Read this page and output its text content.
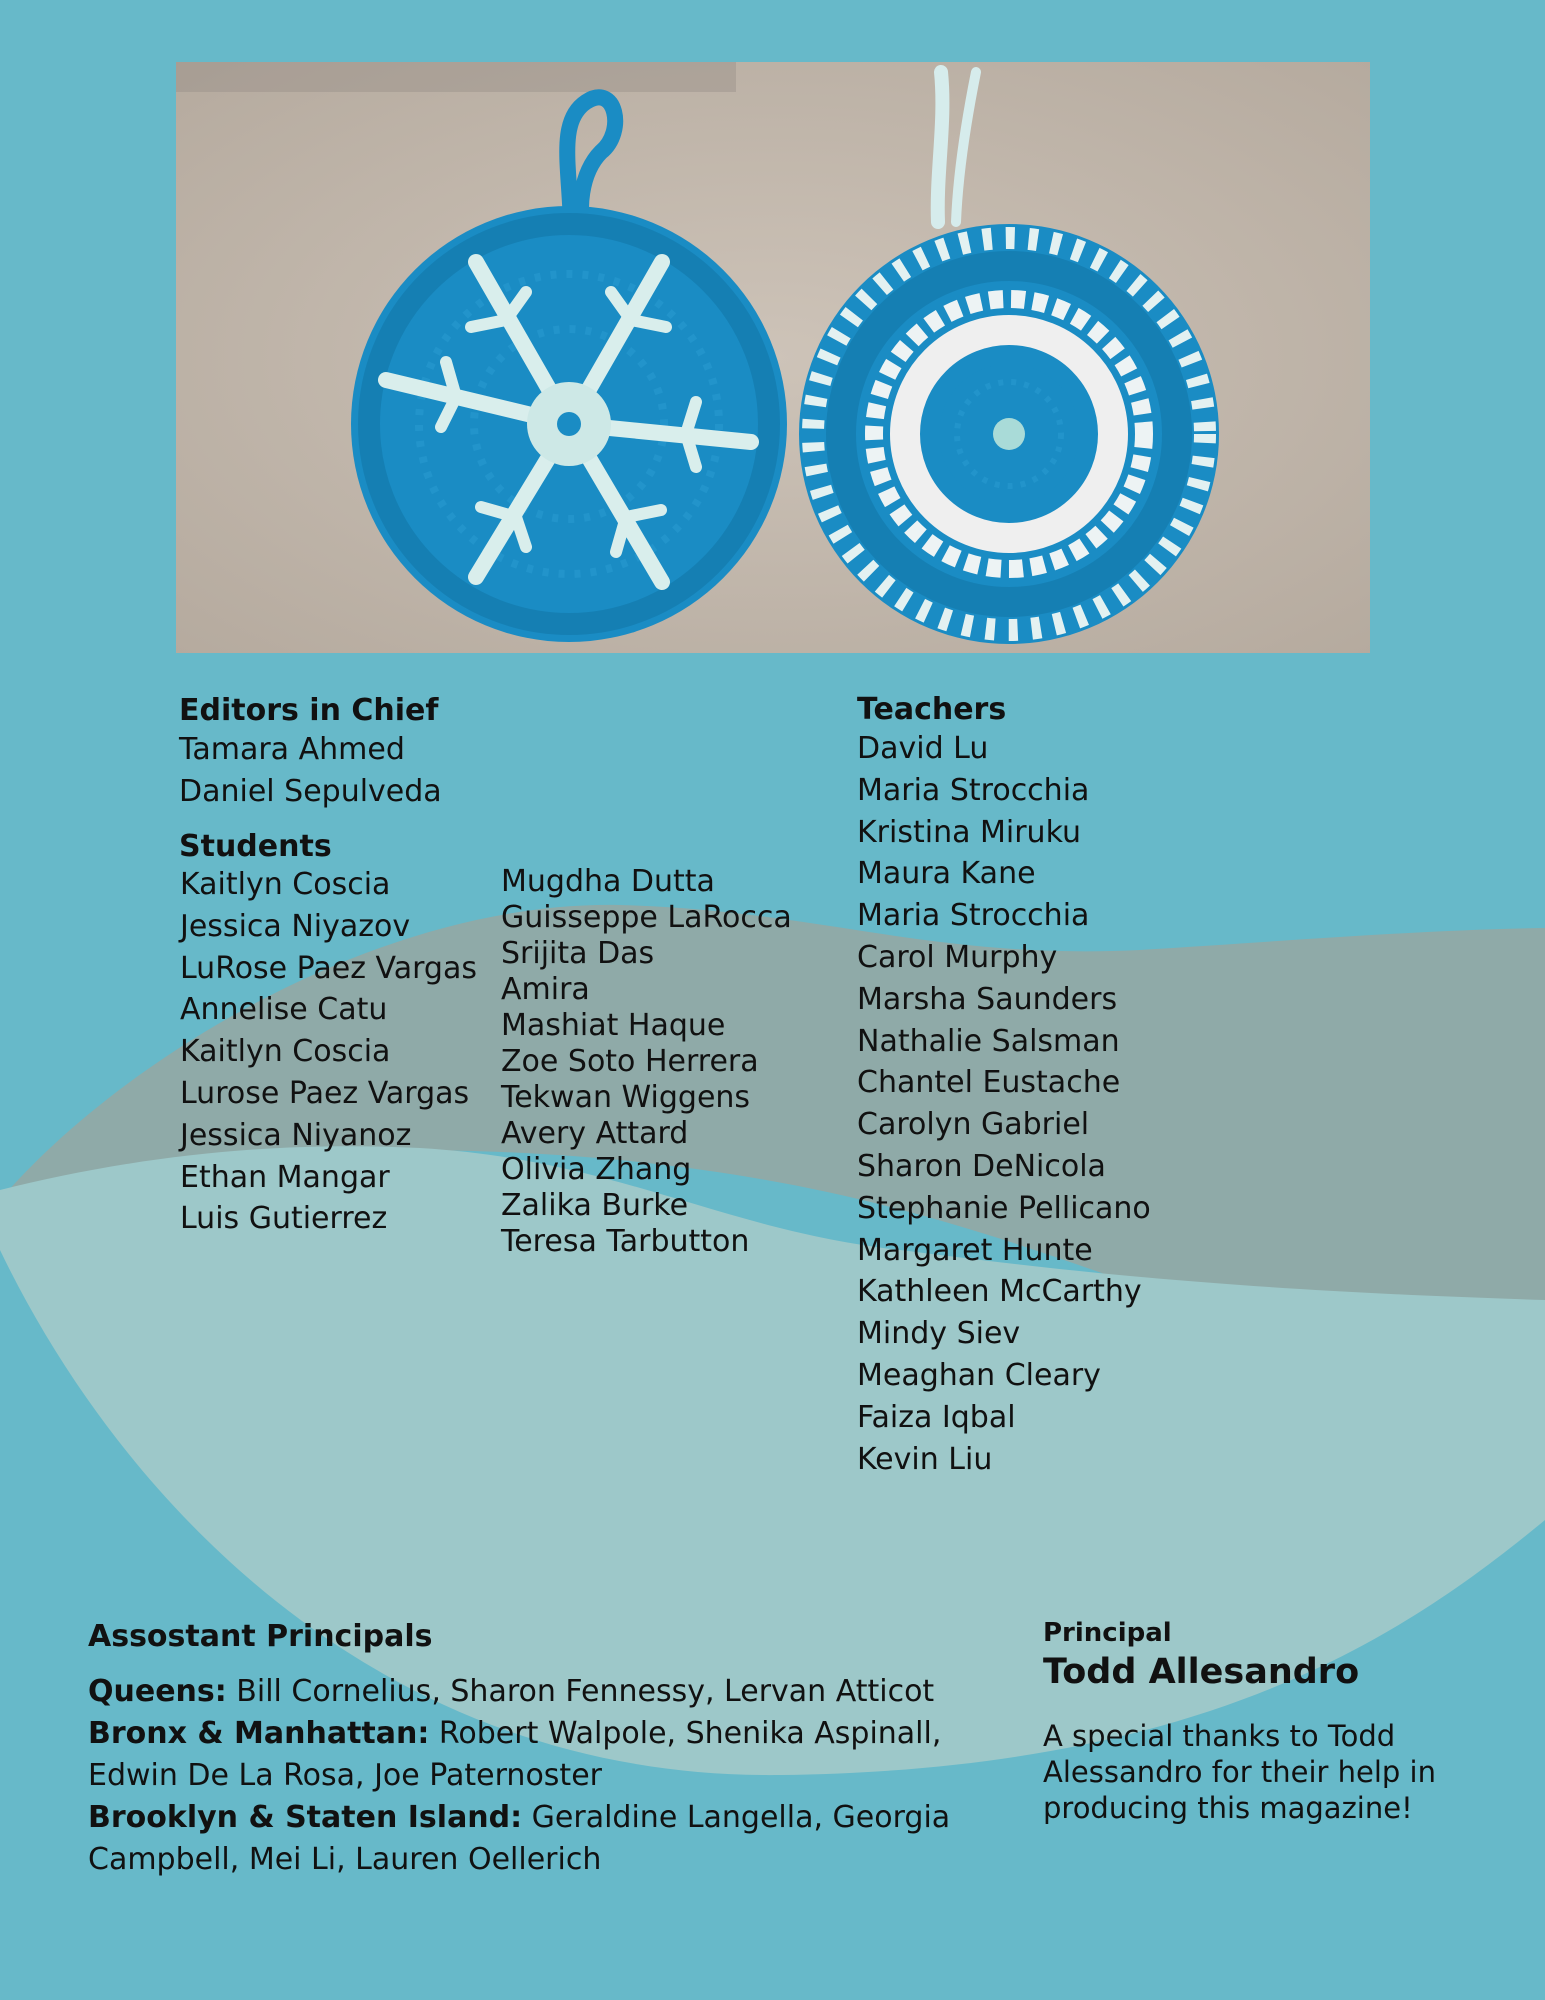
Editors in Chief
Tamara Ahmed
Daniel Sepulveda
Students
Kaitlyn Coscia
Jessica Niyazov
LuRose Paez Vargas
Annelise Catu
Kaitlyn Coscia
Lurose Paez Vargas
Jessica Niyanoz
Ethan Mangar
Luis Gutierrez
Mugdha Dutta
Guisseppe LaRocca
Srijita Das
Amira
Mashiat Haque
Zoe Soto Herrera
Tekwan Wiggens
Avery Attard
Olivia Zhang
Zalika Burke
Teresa Tarbutton
Teachers
David Lu
Maria Strocchia
Kristina Miruku
Maura Kane
Maria Strocchia
Carol Murphy
Marsha Saunders
Nathalie Salsman
Chantel Eustache
Carolyn Gabriel
Sharon DeNicola
Stephanie Pellicano
Margaret Hunte
Kathleen McCarthy
Mindy Siev
Meaghan Cleary
Faiza Iqbal
Kevin Liu
Assostant Principals
Queens: Bill Cornelius, Sharon Fennessy, Lervan Atticot
Bronx & Manhattan: Robert Walpole, Shenika Aspinall, Edwin De La Rosa, Joe Paternoster
Brooklyn & Staten Island: Geraldine Langella, Georgia Campbell, Mei Li, Lauren Oellerich
Principal
Todd Allesandro
A special thanks to Todd Alessandro for their help in producing this magazine!
